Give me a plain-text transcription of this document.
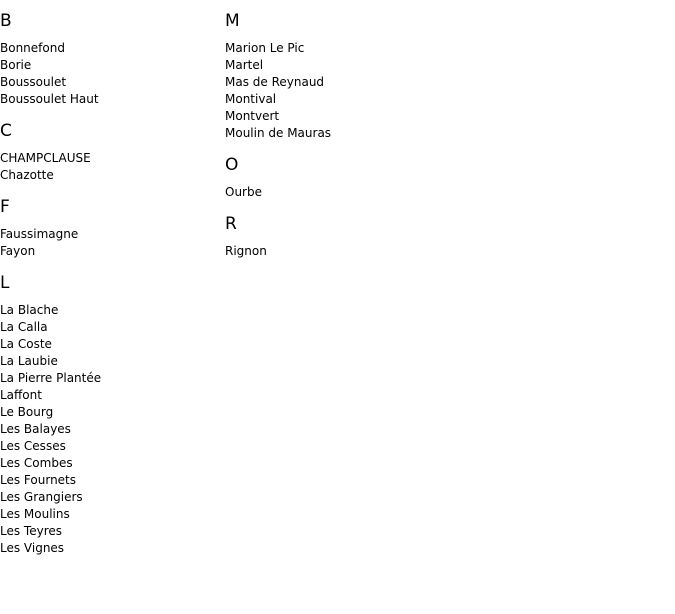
B
Bonnefond
Borie
Boussoulet
Boussoulet Haut
C
CHAMPCLAUSE
Chazotte
F
Faussimagne
Fayon
L
La Blache
La Calla
La Coste
La Laubie
La Pierre Plantée
Laffont
Le Bourg
Les Balayes
Les Cesses
Les Combes
Les Fournets
Les Grangiers
Les Moulins
Les Teyres
Les Vignes
M
Marion Le Pic
Martel
Mas de Reynaud
Montival
Montvert
Moulin de Mauras
O
Ourbe
R
Rignon
